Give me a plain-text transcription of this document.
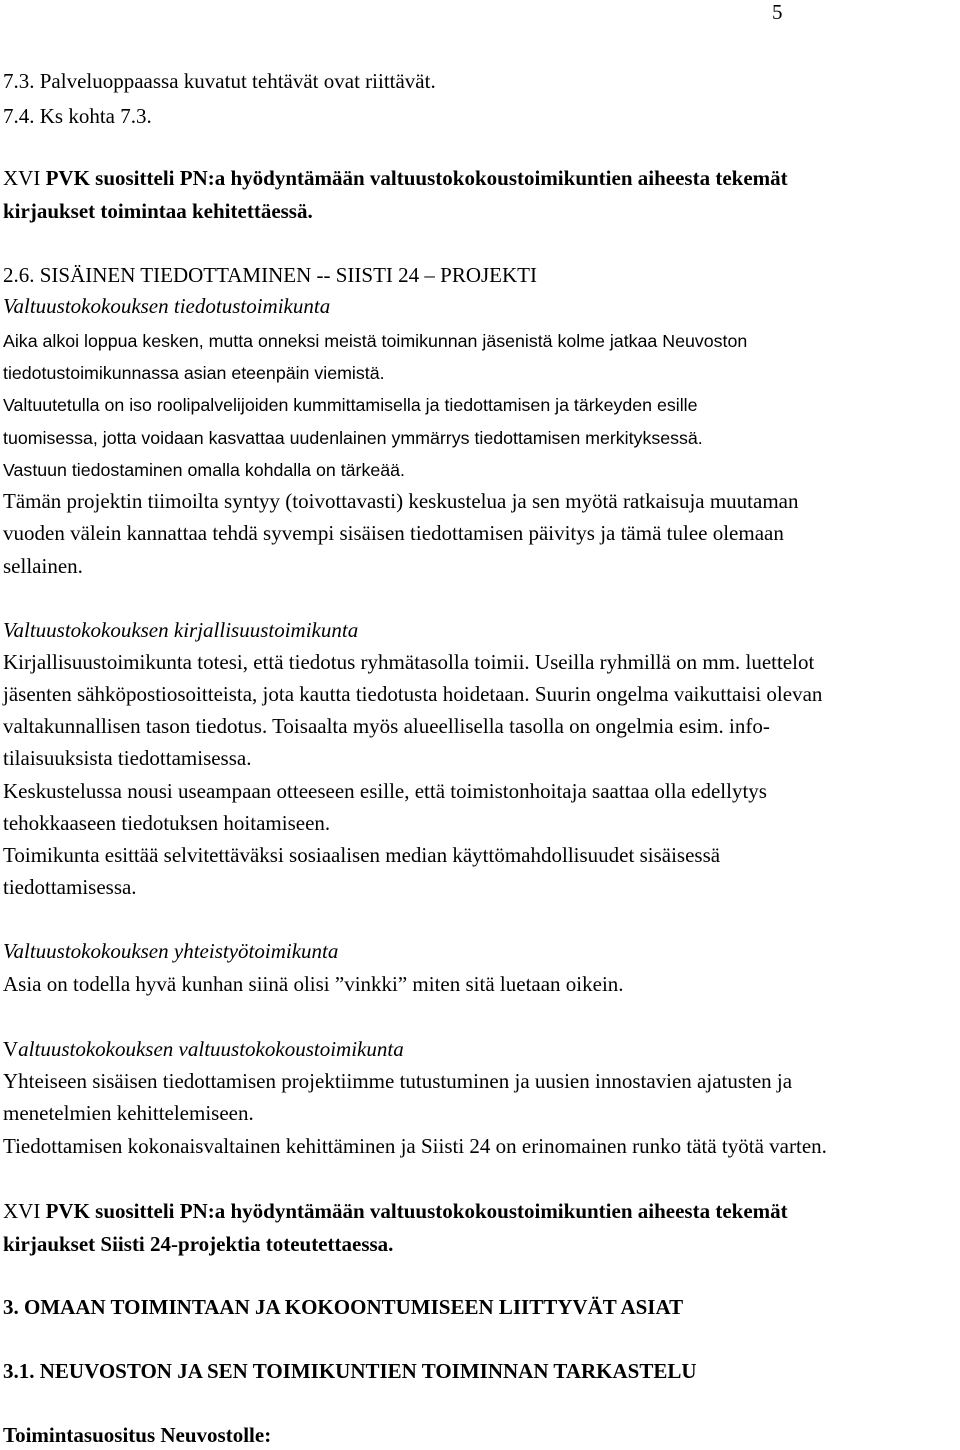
5
7.3. Palveluoppaassa kuvatut tehtävät ovat riittävät.
7.4. Ks kohta 7.3.
XVI PVK suositteli PN:a hyödyntämään valtuustokokoustoimikuntien aiheesta tekemät
kirjaukset toimintaa kehitettäessä.
2.6. SISÄINEN TIEDOTTAMINEN -- SIISTI 24 – PROJEKTI
Valtuustokokouksen tiedotustoimikunta
Aika alkoi loppua kesken, mutta onneksi meistä toimikunnan jäsenistä kolme jatkaa Neuvoston
tiedotustoimikunnassa asian eteenpäin viemistä.
Valtuutetulla on iso roolipalvelijoiden kummittamisella ja tiedottamisen ja tärkeyden esille
tuomisessa, jotta voidaan kasvattaa uudenlainen ymmärrys tiedottamisen merkityksessä.
Vastuun tiedostaminen omalla kohdalla on tärkeää.
Tämän projektin tiimoilta syntyy (toivottavasti) keskustelua ja sen myötä ratkaisuja muutaman
vuoden välein kannattaa tehdä syvempi sisäisen tiedottamisen päivitys ja tämä tulee olemaan
sellainen.
Valtuustokokouksen kirjallisuustoimikunta
Kirjallisuustoimikunta totesi, että tiedotus ryhmätasolla toimii. Useilla ryhmillä on mm. luettelot
jäsenten sähköpostiosoitteista, jota kautta tiedotusta hoidetaan. Suurin ongelma vaikuttaisi olevan
valtakunnallisen tason tiedotus. Toisaalta myös alueellisella tasolla on ongelmia esim. info-
tilaisuuksista tiedottamisessa.
Keskustelussa nousi useampaan otteeseen esille, että toimistonhoitaja saattaa olla edellytys
tehokkaaseen tiedotuksen hoitamiseen.
Toimikunta esittää selvitettäväksi sosiaalisen median käyttömahdollisuudet sisäisessä
tiedottamisessa.
Valtuustokokouksen yhteistyötoimikunta
Asia on todella hyvä kunhan siinä olisi ”vinkki” miten sitä luetaan oikein.
Valtuustokokouksen valtuustokokoustoimikunta
Yhteiseen sisäisen tiedottamisen projektiimme tutustuminen ja uusien innostavien ajatusten ja
menetelmien kehittelemiseen.
Tiedottamisen kokonaisvaltainen kehittäminen ja Siisti 24 on erinomainen runko tätä työtä varten.
XVI PVK suositteli PN:a hyödyntämään valtuustokokoustoimikuntien aiheesta tekemät
kirjaukset Siisti 24-projektia toteutettaessa.
3. OMAAN TOIMINTAAN JA KOKOONTUMISEEN LIITTYVÄT ASIAT
3.1. NEUVOSTON JA SEN TOIMIKUNTIEN TOIMINNAN TARKASTELU
Toimintasuositus Neuvostolle:
